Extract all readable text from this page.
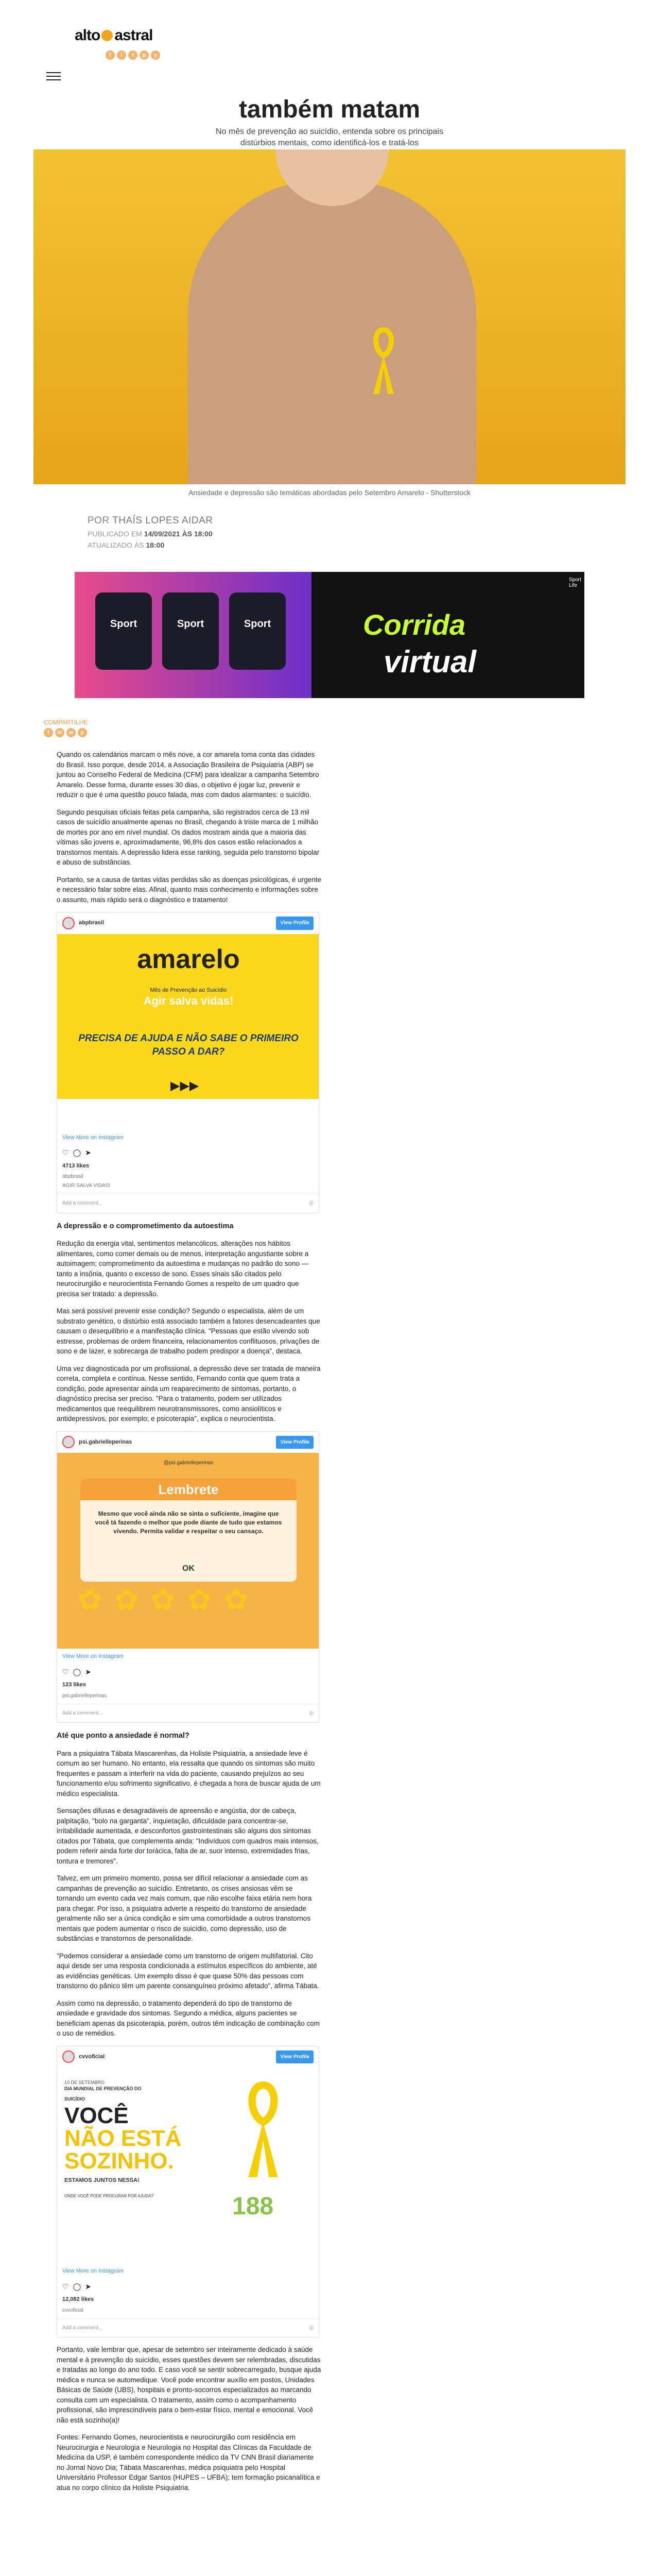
alto astral
f	i	t	p	y
também matam
No mês de prevenção ao suicídio, entenda sobre os principais distúrbios mentais, como identificá-los e tratá-los
Ansiedade e depressão são temáticas abordadas pelo Setembro Amarelo - Shutterstock
POR THAÍS LOPES AIDAR
PUBLICADO EM 14/09/2021 ÀS 18:00
ATUALIZADO ÀS 18:00
Sport	Sport	Sport	Corrida
virtual
Sport Life
COMPARTILHE
f	in	w	p

Quando os calendários marcam o mês nove, a cor amarela toma conta das cidades do Brasil. Isso porque, desde 2014, a Associação Brasileira de Psiquiatria (ABP) se juntou ao Conselho Federal de Medicina (CFM) para idealizar a campanha Setembro Amarelo. Desse forma, durante esses 30 dias, o objetivo é jogar luz, prevenir e reduzir o que é uma questão pouco falada, mas com dados alarmantes: o suicídio.

Segundo pesquisas oficiais feitas pela campanha, são registrados cerca de 13 mil casos de suicídio anualmente apenas no Brasil, chegando à triste marca de 1 milhão de mortes por ano em nível mundial. Os dados mostram ainda que a maioria das vítimas são jovens e, aproximadamente, 96,8% dos casos estão relacionados a transtornos mentais. A depressão lidera esse ranking, seguida pelo transtorno bipolar e abuso de substâncias.

Portanto, se a causa de tantas vidas perdidas são as doenças psicológicas, é urgente e necessário falar sobre elas. Afinal, quanto mais conhecimento e informações sobre o assunto, mais rápido será o diagnóstico e tratamento!

abpbrasil	View Profile
Mês de Prevenção ao Suicídio
amarelo
Agir salva vidas!
PRECISA DE AJUDA E NÃO SABE O PRIMEIRO PASSO A DAR?
▶▶▶
View More on Instagram
♡ ◯ ➤
4713 likes
abpbrasil
AGIR SALVA VIDAS!
Add a comment...	◎
A depressão e o comprometimento da autoestima

Redução da energia vital, sentimentos melancólicos, alterações nos hábitos alimentares, como comer demais ou de menos, interpretação angustiante sobre a autoimagem; comprometimento da autoestima e mudanças no padrão do sono — tanto a insônia, quanto o excesso de sono. Esses sinais são citados pelo neurocirurgião e neurocientista Fernando Gomes a respeito de um quadro que precisa ser tratado: a depressão.

Mas será possível prevenir esse condição? Segundo o especialista, além de um substrato genético, o distúrbio está associado também a fatores desencadeantes que causam o desequilíbrio e a manifestação clínica. "Pessoas que estão vivendo sob estresse, problemas de ordem financeira, relacionamentos conflituosos, privações de sono e de lazer, e sobrecarga de trabalho podem predispor a doença", destaca.

Uma vez diagnosticada por um profissional, a depressão deve ser tratada de maneira correta, completa e contínua. Nesse sentido, Fernando conta que quem trata a condição, pode apresentar ainda um reaparecimento de sintomas, portanto, o diagnóstico precisa ser preciso. "Para o tratamento, podem ser utilizados medicamentos que reequilibrem neurotransmissores, como ansiolíticos e antidepressivos, por exemplo; e psicoterapia", explica o neurocientista.

psi.gabrielleperinas	View Profile
@psi.gabrielleperinas
Lembrete
Mesmo que você ainda não se sinta o suficiente, imagine que você tá fazendo o melhor que pode diante de tudo que estamos vivendo. Permita validar e respeitar o seu cansaço.
OK
✿✿✿✿✿
View More on Instagram
♡ ◯ ➤
123 likes
psi.gabrielleperinas
Add a comment...	◎
Até que ponto a ansiedade é normal?

Para a psiquiatra Tábata Mascarenhas, da Holiste Psiquiatria, a ansiedade leve é comum ao ser humano. No entanto, ela ressalta que quando os sintomas são muito frequentes e passam a interferir na vida do paciente, causando prejuízos ao seu funcionamento e/ou sofrimento significativo, é chegada a hora de buscar ajuda de um médico especialista.

Sensações difusas e desagradáveis de apreensão e angústia, dor de cabeça, palpitação, "bolo na garganta", inquietação, dificuldade para concentrar-se, irritabilidade aumentada, e desconfortos gastrointestinais são alguns dos sintomas citados por Tábata, que complementa ainda: "Indivíduos com quadros mais intensos, podem referir ainda forte dor torácica, falta de ar, suor intenso, extremidades frias, tontura e tremores".

Talvez, em um primeiro momento, possa ser difícil relacionar a ansiedade com as campanhas de prevenção ao suicídio. Entretanto, os crises ansiosas vêm se tornando um evento cada vez mais comum, que não escolhe faixa etária nem hora para chegar. Por isso, a psiquiatra adverte a respeito do transtorno de ansiedade geralmente não ser a única condição e sim uma comorbidade a outros transtornos mentais que podem aumentar o risco de suicídio, como depressão, uso de substâncias e transtornos de personalidade.

"Podemos considerar a ansiedade como um transtorno de origem multifatorial. Cito aqui desde ser uma resposta condicionada a estímulos específicos do ambiente, até as evidências genéticas. Um exemplo disso é que quase 50% das pessoas com transtorno do pânico têm um parente consanguíneo próximo afetado", afirma Tábata.

Assim como na depressão, o tratamento dependerá do tipo de transtorno de ansiedade e gravidade dos sintomas. Segundo a médica, alguns pacientes se beneficiam apenas da psicoterapia, porém, outros têm indicação de combinação com o uso de remédios.

cvvoficial	View Profile
10 DE SETEMBRO
DIA MUNDIAL DE PREVENÇÃO DO SUICÍDIO
VOCÊ
NÃO ESTÁ
SOZINHO.
ESTAMOS JUNTOS NESSA!
ONDE VOCÊ PODE PROCURAR POR AJUDA?	188
View More on Instagram
♡ ◯ ➤
12,082 likes
cvvoficial
Add a comment...	◎

Portanto, vale lembrar que, apesar de setembro ser inteiramente dedicado à saúde mental e à prevenção do suicídio, esses questões devem ser relembradas, discutidas e tratadas ao longo do ano todo. E caso você se sentir sobrecarregado, busque ajuda médica e nunca se automedique. Você pode encontrar auxílio em postos, Unidades Básicas de Saúde (UBS), hospitais e pronto-socorros especializados ao marcando consulta com um especialista. O tratamento, assim como o acompanhamento profissional, são imprescindíveis para o bem-estar físico, mental e emocional. Você não está sozinho(a)!

Fontes: Fernando Gomes, neurocientista e neurocirurgião com residência em Neurocirurgia e Neurologia e Neurologia no Hospital das Clínicas da Faculdade de Medicina da USP, é também correspondente médico da TV CNN Brasil diariamente no Jornal Novo Dia; Tábata Mascarenhas, médica psiquiatra pelo Hospital Universitário Professor Edgar Santos (HUPES – UFBA); tem formação psicanalítica e atua no corpo clínico da Holiste Psiquiatria.
